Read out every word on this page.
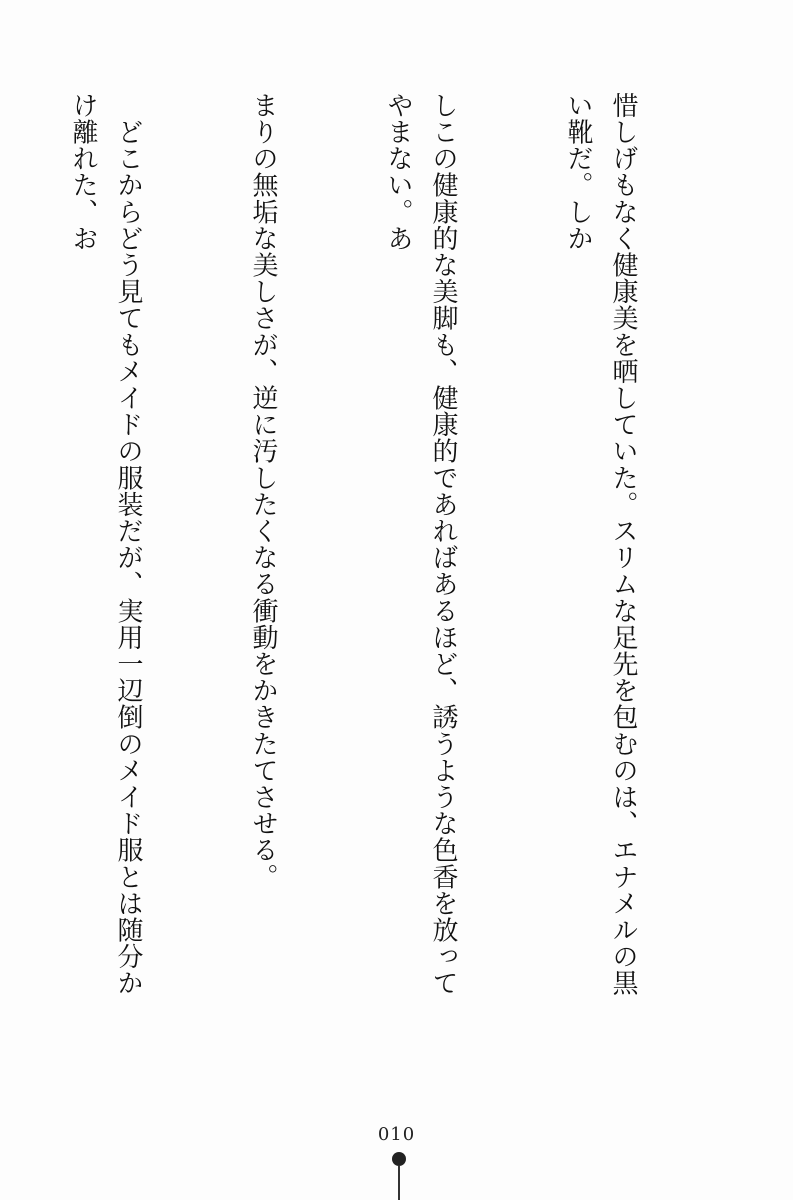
惜しげもなく健康美を晒していた。スリムな足先を包むのは、エナメルの黒い靴だ。しか

しこの健康的な美脚も、健康的であればあるほど、誘うような色香を放ってやまない。あ

まりの無垢な美しさが、逆に汚したくなる衝動をかきたてさせる。

　どこからどう見てもメイドの服装だが、実用一辺倒のメイド服とは随分かけ離れた、お

010
